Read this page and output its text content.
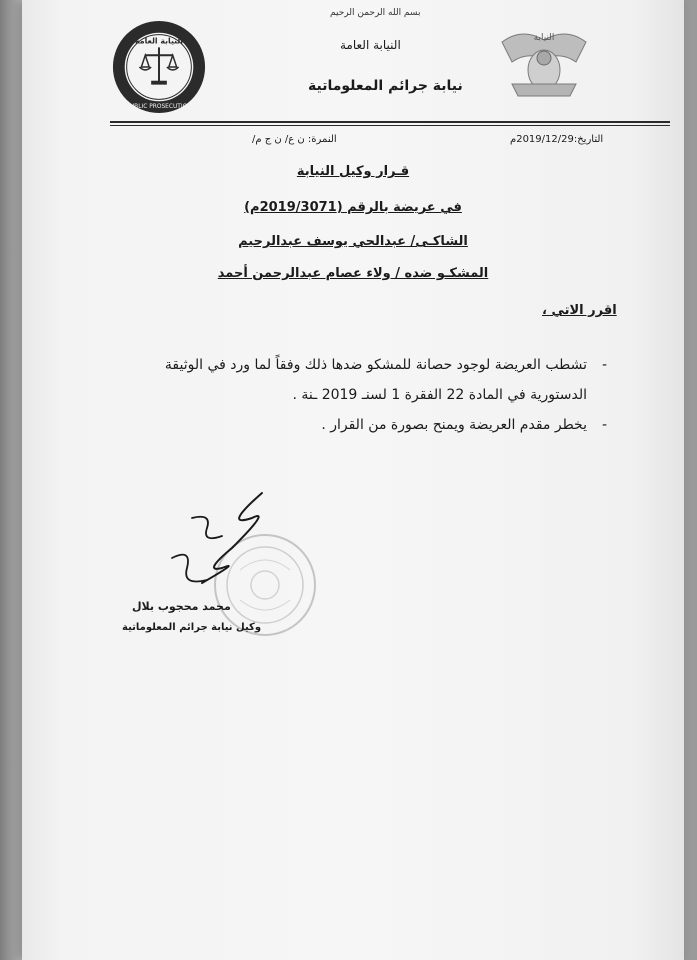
النيابة العامة
PUBLIC PROSECUTION
النيابة
بسم الله الرحمن الرحيم
النيابة العامة
نيابة جرائم المعلوماتية
التاريخ:2019/12/29م
النمرة: ن ع/ ن ج م/
قـرار وكيل النيابة
في عريضة بالرقم (2019/3071م)
الشاكـى/ عبدالحي يوسف عبدالرحيم
المشكـو ضده / ولاء عصام عبدالرحمن أحمد
اقرر الاتي ،
-
تشطب العريضة لوجود حصانة للمشكو ضدها ذلك وفقاً لما ورد في الوثيقة الدستورية في المادة 22 الفقرة 1 لسنـ 2019 ـنة .
-
يخطر مقدم العريضة ويمنح بصورة من القرار .
محمد محجوب بلال
وكيل نيابة جرائم المعلوماتية
